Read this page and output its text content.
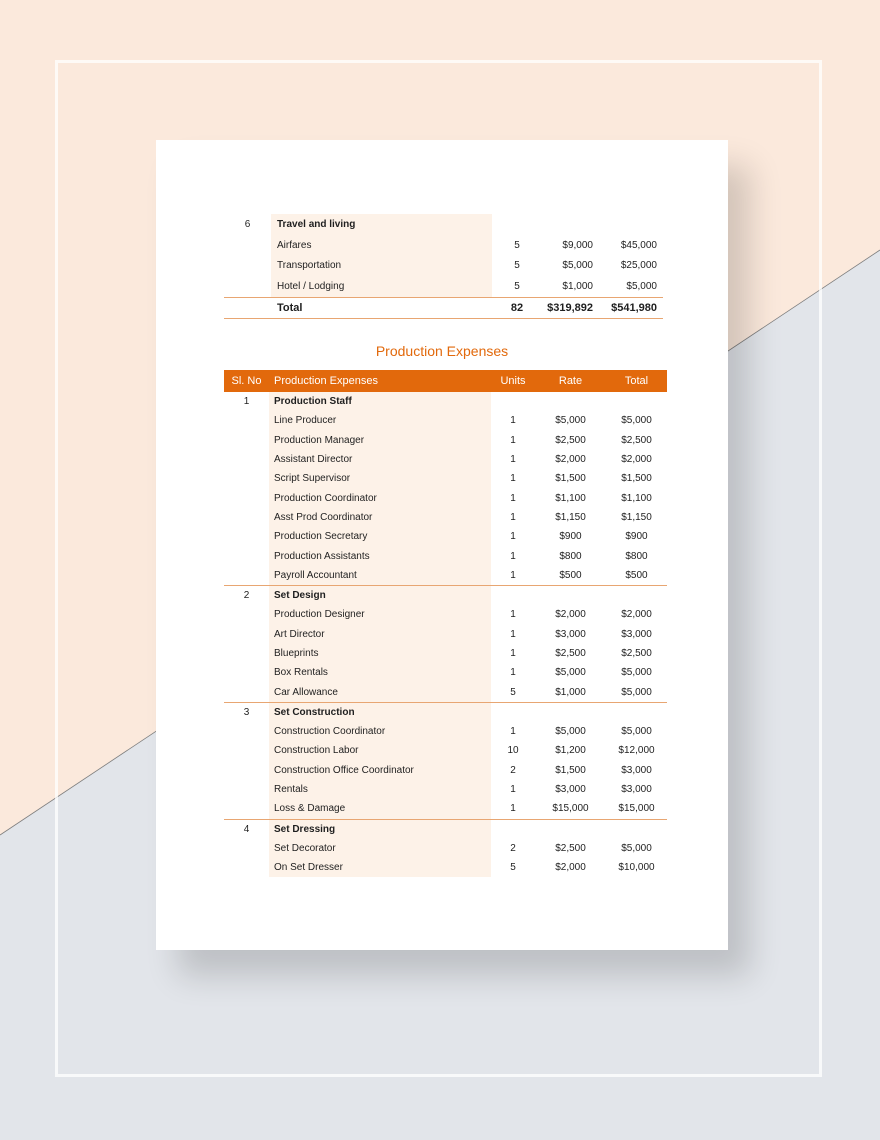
6	Travel and living			
	Airfares	5	$9,000	$45,000
	Transportation	5	$5,000	$25,000
	Hotel / Lodging	5	$1,000	$5,000
	Total	82	$319,892	$541,980
Production Expenses
Sl. No	Production Expenses	Units	Rate	Total
1	Production Staff			
	Line Producer	1	$5,000	$5,000
	Production Manager	1	$2,500	$2,500
	Assistant Director	1	$2,000	$2,000
	Script Supervisor	1	$1,500	$1,500
	Production Coordinator	1	$1,100	$1,100
	Asst Prod Coordinator	1	$1,150	$1,150
	Production Secretary	1	$900	$900
	Production Assistants	1	$800	$800
	Payroll Accountant	1	$500	$500
2	Set Design			
	Production Designer	1	$2,000	$2,000
	Art Director	1	$3,000	$3,000
	Blueprints	1	$2,500	$2,500
	Box Rentals	1	$5,000	$5,000
	Car Allowance	5	$1,000	$5,000
3	Set Construction			
	Construction Coordinator	1	$5,000	$5,000
	Construction Labor	10	$1,200	$12,000
	Construction Office Coordinator	2	$1,500	$3,000
	Rentals	1	$3,000	$3,000
	Loss & Damage	1	$15,000	$15,000
4	Set Dressing			
	Set Decorator	2	$2,500	$5,000
	On Set Dresser	5	$2,000	$10,000
